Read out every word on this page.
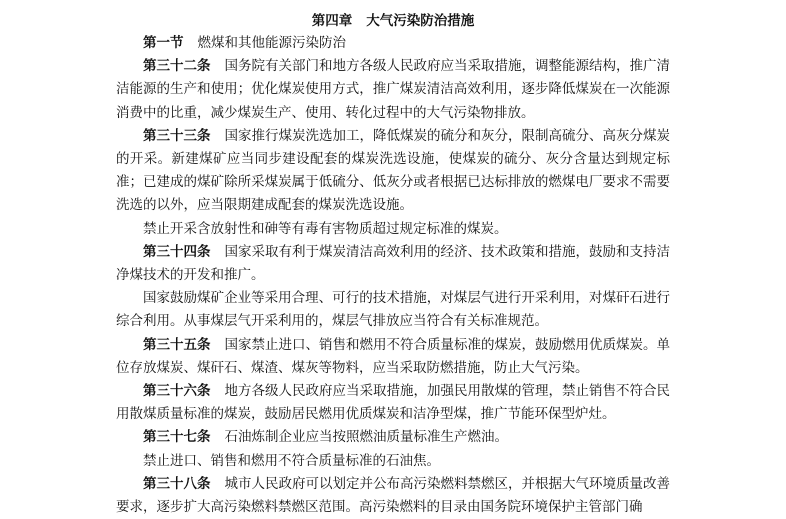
第四章 大气污染防治措施

第一节 燃煤和其他能源污染防治

第三十二条 国务院有关部门和地方各级人民政府应当采取措施，调整能源结构，推广清洁能源的生产和使用；优化煤炭使用方式，推广煤炭清洁高效利用，逐步降低煤炭在一次能源消费中的比重，减少煤炭生产、使用、转化过程中的大气污染物排放。

第三十三条 国家推行煤炭洗选加工，降低煤炭的硫分和灰分，限制高硫分、高灰分煤炭的开采。新建煤矿应当同步建设配套的煤炭洗选设施，使煤炭的硫分、灰分含量达到规定标准；已建成的煤矿除所采煤炭属于低硫分、低灰分或者根据已达标排放的燃煤电厂要求不需要洗选的以外，应当限期建成配套的煤炭洗选设施。

禁止开采含放射性和砷等有毒有害物质超过规定标准的煤炭。

第三十四条 国家采取有利于煤炭清洁高效利用的经济、技术政策和措施，鼓励和支持洁净煤技术的开发和推广。

国家鼓励煤矿企业等采用合理、可行的技术措施，对煤层气进行开采利用，对煤矸石进行综合利用。从事煤层气开采利用的，煤层气排放应当符合有关标准规范。

第三十五条 国家禁止进口、销售和燃用不符合质量标准的煤炭，鼓励燃用优质煤炭。单位存放煤炭、煤矸石、煤渣、煤灰等物料，应当采取防燃措施，防止大气污染。

第三十六条 地方各级人民政府应当采取措施，加强民用散煤的管理，禁止销售不符合民用散煤质量标准的煤炭，鼓励居民燃用优质煤炭和洁净型煤，推广节能环保型炉灶。

第三十七条 石油炼制企业应当按照燃油质量标准生产燃油。

禁止进口、销售和燃用不符合质量标准的石油焦。

第三十八条 城市人民政府可以划定并公布高污染燃料禁燃区，并根据大气环境质量改善要求，逐步扩大高污染燃料禁燃区范围。高污染燃料的目录由国务院环境保护主管部门确
